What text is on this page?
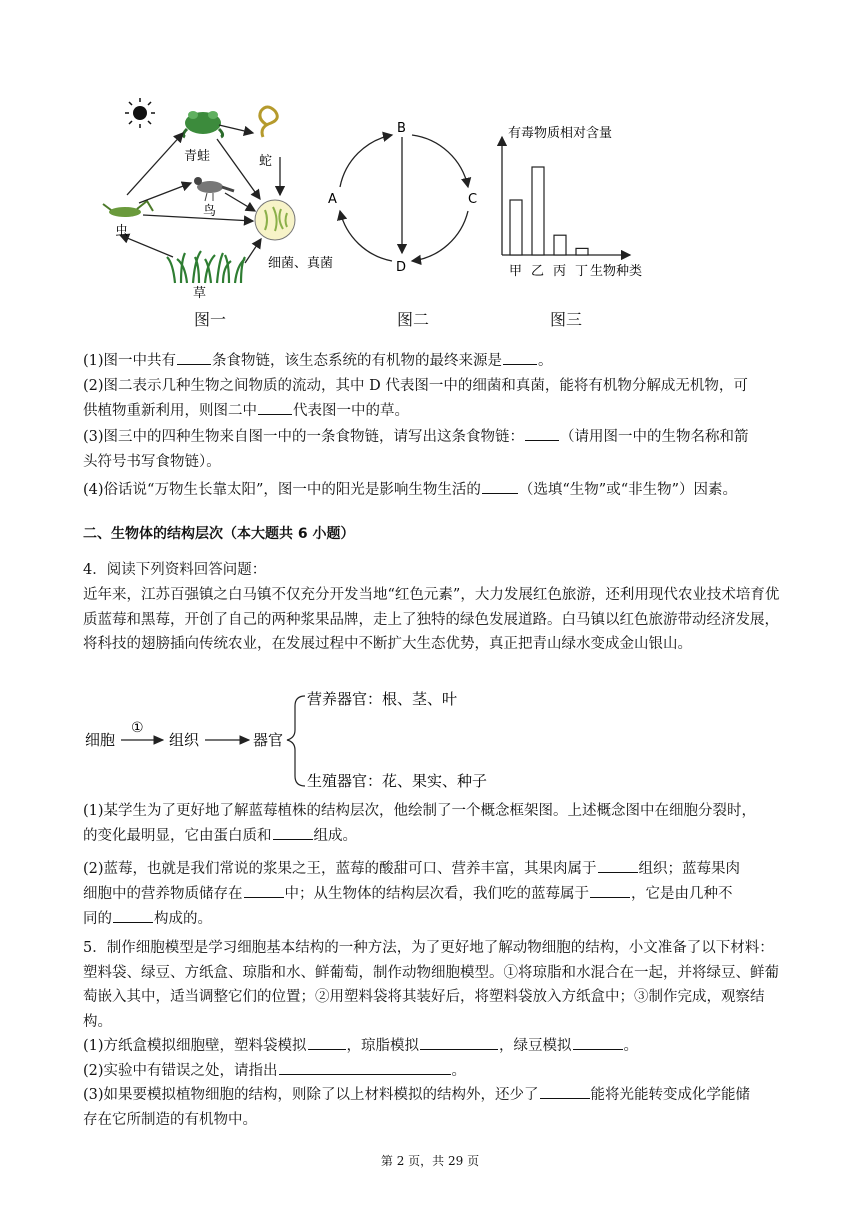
青蛙	蛇
鸟
虫
草
细菌、真菌
图一
B
C
D
A
图二
有毒物质相对含量
甲 乙 丙 丁 生物种类
图三
(1)图一中共有 条食物链，该生态系统的有机物的最终来源是 。
(2)图二表示几种生物之间物质的流动，其中 D 代表图一中的细菌和真菌，能将有机物分解成无机物，可
供植物重新利用，则图二中 代表图一中的草。
(3)图三中的四种生物来自图一中的一条食物链，请写出这条食物链： （请用图一中的生物名称和箭
头符号书写食物链）。
(4)俗话说“万物生长靠太阳”，图一中的阳光是影响生物生活的	（选填“生物”或“非生物”）因素。
二、生物体的结构层次（本大题共 6 小题）
4．阅读下列资料回答问题：
近年来，江苏百强镇之白马镇不仅充分开发当地“红色元素”，大力发展红色旅游，还利用现代农业技术培育优质蓝莓和黑莓，开创了自己的两种浆果品牌，走上了独特的绿色发展道路。白马镇以红色旅游带动经济发展，将科技的翅膀插向传统农业，在发展过程中不断扩大生态优势，真正把青山绿水变成金山银山。
细胞
①
组织	器官
营养器官：根、茎、叶
生殖器官：花、果实、种子
(1)某学生为了更好地了解蓝莓植株的结构层次，他绘制了一个概念框架图。上述概念图中在细胞分裂时，
的变化最明显，它由蛋白质和	组成。
(2)蓝莓，也就是我们常说的浆果之王，蓝莓的酸甜可口、营养丰富，其果肉属于	组织；蓝莓果肉
细胞中的营养物质储存在	中；从生物体的结构层次看，我们吃的蓝莓属于	，它是由几种不
同的	构成的。
5．制作细胞模型是学习细胞基本结构的一种方法，为了更好地了解动物细胞的结构，小文准备了以下材料：塑料袋、绿豆、方纸盒、琼脂和水、鲜葡萄，制作动物细胞模型。①将琼脂和水混合在一起，并将绿豆、鲜葡萄嵌入其中，适当调整它们的位置；②用塑料袋将其装好后，将塑料袋放入方纸盒中；③制作完成，观察结构。
(1)方纸盒模拟细胞壁，塑料袋模拟	，琼脂模拟	，绿豆模拟	。
(2)实验中有错误之处，请指出	。
(3)如果要模拟植物细胞的结构，则除了以上材料模拟的结构外，还少了	能将光能转变成化学能储
存在它所制造的有机物中。
第 2 页，共 29 页
